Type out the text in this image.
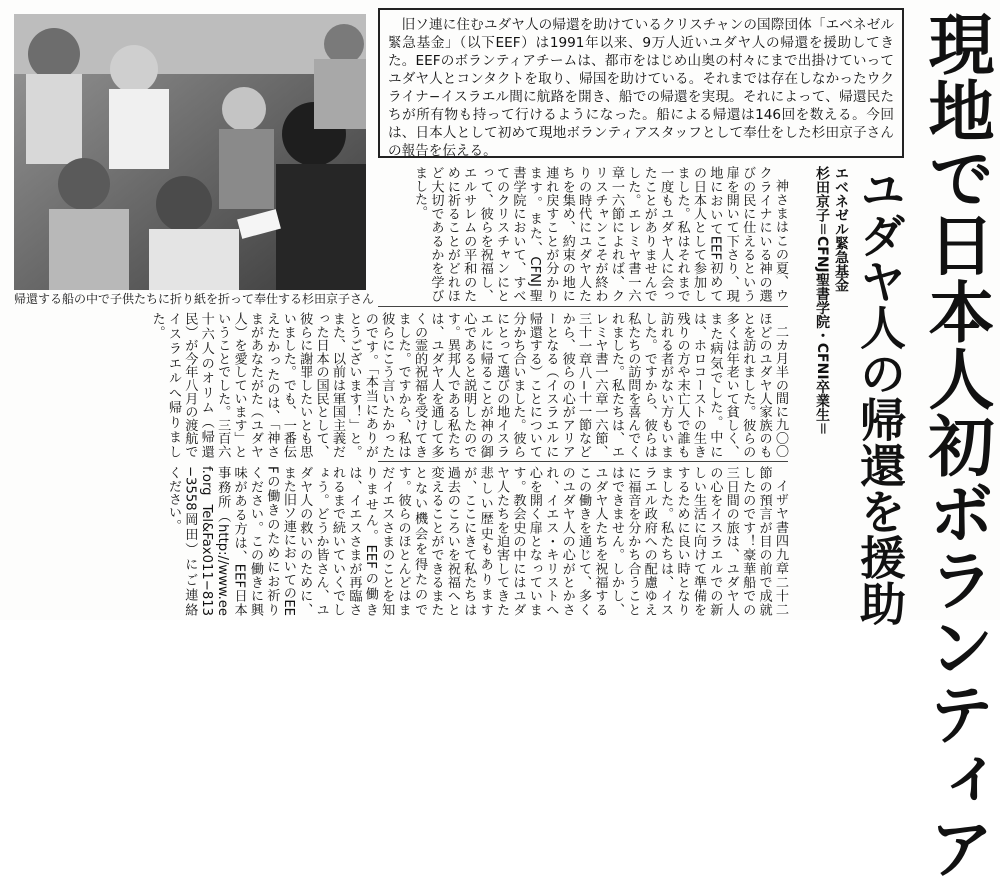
帰還する船の中で子供たちに折り紙を折って奉仕する杉田京子さん

旧ソ連に住むユダヤ人の帰還を助けているクリスチャンの国際団体「エベネゼル緊急基金」（以下EEF）は1991年以来、9万人近いユダヤ人の帰還を援助してきた。EEFのボランティアチームは、都市をはじめ山奥の村々にまで出掛けていってユダヤ人とコンタクトを取り、帰国を助けている。それまでは存在しなかったウクライナ−イスラエル間に航路を開き、船での帰還を実現。それによって、帰還民たちが所有物も持って行けるようになった。船による帰還は146回を数える。今回は、日本人として初めて現地ボランティアスタッフとして奉仕をした杉田京子さんの報告を伝える。	現地で日本人初ボランティア
ユダヤ人の帰還を援助
エベネゼル緊急基金
杉田京子＝CFNJ聖書学院・CFNI卒業生＝

神さまはこの夏、ウクライナにいる神の選びの民に仕えるという扉を開いて下さり、現地においてEEF初めての日本人として参加しました。私はそれまで一度もユダヤ人に会ったことがありませんでした。エレミヤ書一六章一六節によれば、クリスチャンこそが終わりの時代にユダヤ人たちを集め、約束の地に連れ戻すことが分かります。また、CFNJ聖書学院において、すべてのクリスチャンにとって、彼らを祝福し、エルサレムの平和のために祈ることがどれほど大切であるかを学びました。

二カ月半の間に九〇〇ほどのユダヤ人家族のもとを訪れました。彼らの多くは年老いて貧しく、また病気でした。中には、ホロコーストの生き残りの方や末亡人で誰も訪れる者がない方もいました。ですから、彼らは私たちの訪問を喜んでくれました。私たちは、エレミヤ書一六章一六節、三十一章八−十一節などから、彼らの心がアリアーとなる（イスラエルに帰還する）ことについて分かち合いました。彼らにとって選びの地イスラエルに帰ることが神の御心であると説明したのです。異邦人である私たちは、ユダヤ人を通して多くの霊的祝福を受けてきました。ですから、私は彼らにこう言いたかったのです。「本当にありがとうございます！」と。また、以前は軍国主義だった日本の国民として、彼らに謝罪したいとも思いました。でも、一番伝えたかったのは、「神さまがあなたがた（ユダヤ人）を愛しています」ということでした。三百六十六人のオリム（帰還民）が今年八月の渡航でイスラエルへ帰りました。

イザヤ書四九章二十二節の預言が目の前で成就したのです！豪華船での三日間の旅は、ユダヤ人の心をイスラエルでの新しい生活に向けて準備をするために良い時となりました。私たちは、イスラエル政府への配慮ゆえに福音を分かち合うことはできません。しかし、ユダヤ人たちを祝福するこの働きを通じて、多くのユダヤ人の心がとかされ、イエス・キリストへ心を開く扉となっています。教会史の中にはユダヤ人たちを迫害してきた悲しい歴史もありますが、ここにきて私たちは過去のころいを祝福へと変えることができるまたとない機会を得たのです。彼らのほとんどはまだイエスさまのことを知りません。EEFの働きは、イエスさまが再臨されるまで続いていくでしょう。どうか皆さん、ユダヤ人の救いのために、また旧ソ連においてのEEFの働きのためにお祈りください。この働きに興味がある方は、EEF日本事務所（http://www.eef.org Tel&Fax011−813−3558岡田）にご連絡ください。
